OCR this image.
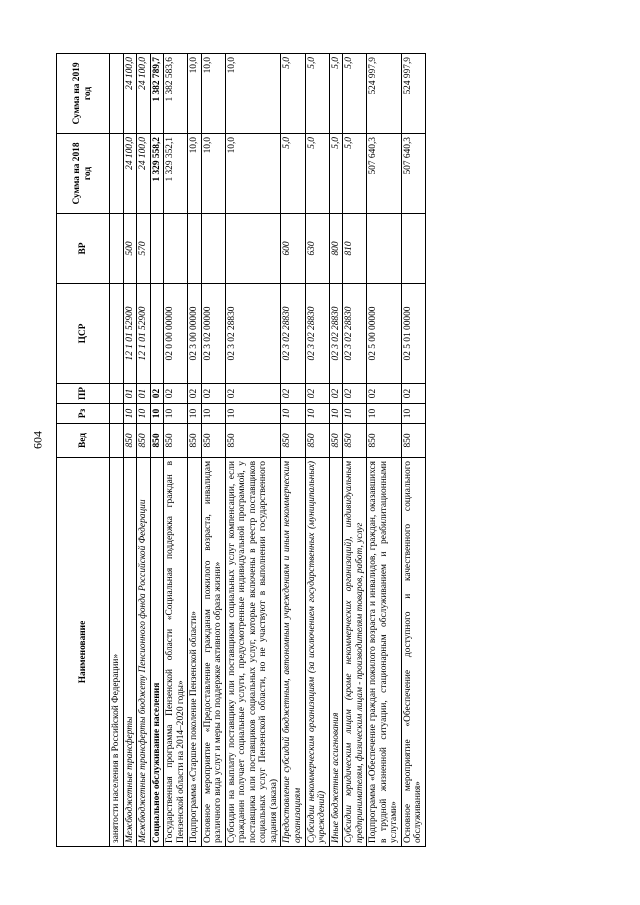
604
Наименование	Вед	Рз	ПР	ЦСР	ВР	Сумма на 2018 год	Сумма на 2019 год
занятости населения в Российской Федерации»							
Межбюджетные трансферты	850	10	01	12 1 01 52900	500	24 100,0	24 100,0
Межбюджетные трансферты бюджету Пенсионного фонда Российской Федерации	850	10	01	12 1 01 52900	570	24 100,0	24 100,0
Социальное обслуживание населения	850	10	02			1 329 558,2	1 382 789,7
Государственная программа Пензенской области «Социальная поддержка граждан в Пензенской области на 2014–2020 годы»	850	10	02	02 0 00 00000		1 329 352,1	1 382 583,6
Подпрограмма «Старшее поколение Пензенской области»	850	10	02	02 3 00 00000		10,0	10,0
Основное мероприятие «Предоставление гражданам пожилого возраста, инвалидам различного вида услуг и меры по поддержке активного образа жизни»	850	10	02	02 3 02 00000		10,0	10,0
Субсидии на выплату поставщику или поставщикам социальных услуг компенсации, если гражданин получает социальные услуги, предусмотренные индивидуальной программой, у поставщика или поставщиков социальных услуг, которые включены в реестр поставщиков социальных услуг Пензенской области, но не участвуют в выполнении государственного задания (заказа)	850	10	02	02 3 02 28830		10,0	10,0
Предоставление субсидий бюджетным, автономным учреждениям и иным некоммерческим организациям	850	10	02	02 3 02 28830	600	5,0	5,0
Субсидии некоммерческим организациям (за исключением государственных (муниципальных) учреждений)	850	10	02	02 3 02 28830	630	5,0	5,0
Иные бюджетные ассигнования	850	10	02	02 3 02 28830	800	5,0	5,0
Субсидии юридическим лицам (кроме некоммерческих организаций), индивидуальным предпринимателям, физическим лицам - производителям товаров, работ, услуг	850	10	02	02 3 02 28830	810	5,0	5,0
Подпрограмма «Обеспечение граждан пожилого возраста и инвалидов, граждан, оказавшихся в трудной жизненной ситуации, стационарным обслуживанием и реабилитационными услугами»	850	10	02	02 5 00 00000		507 640,3	524 997,9
Основное мероприятие «Обеспечение доступного и качественного социального обслуживания»	850	10	02	02 5 01 00000		507 640,3	524 997,9
